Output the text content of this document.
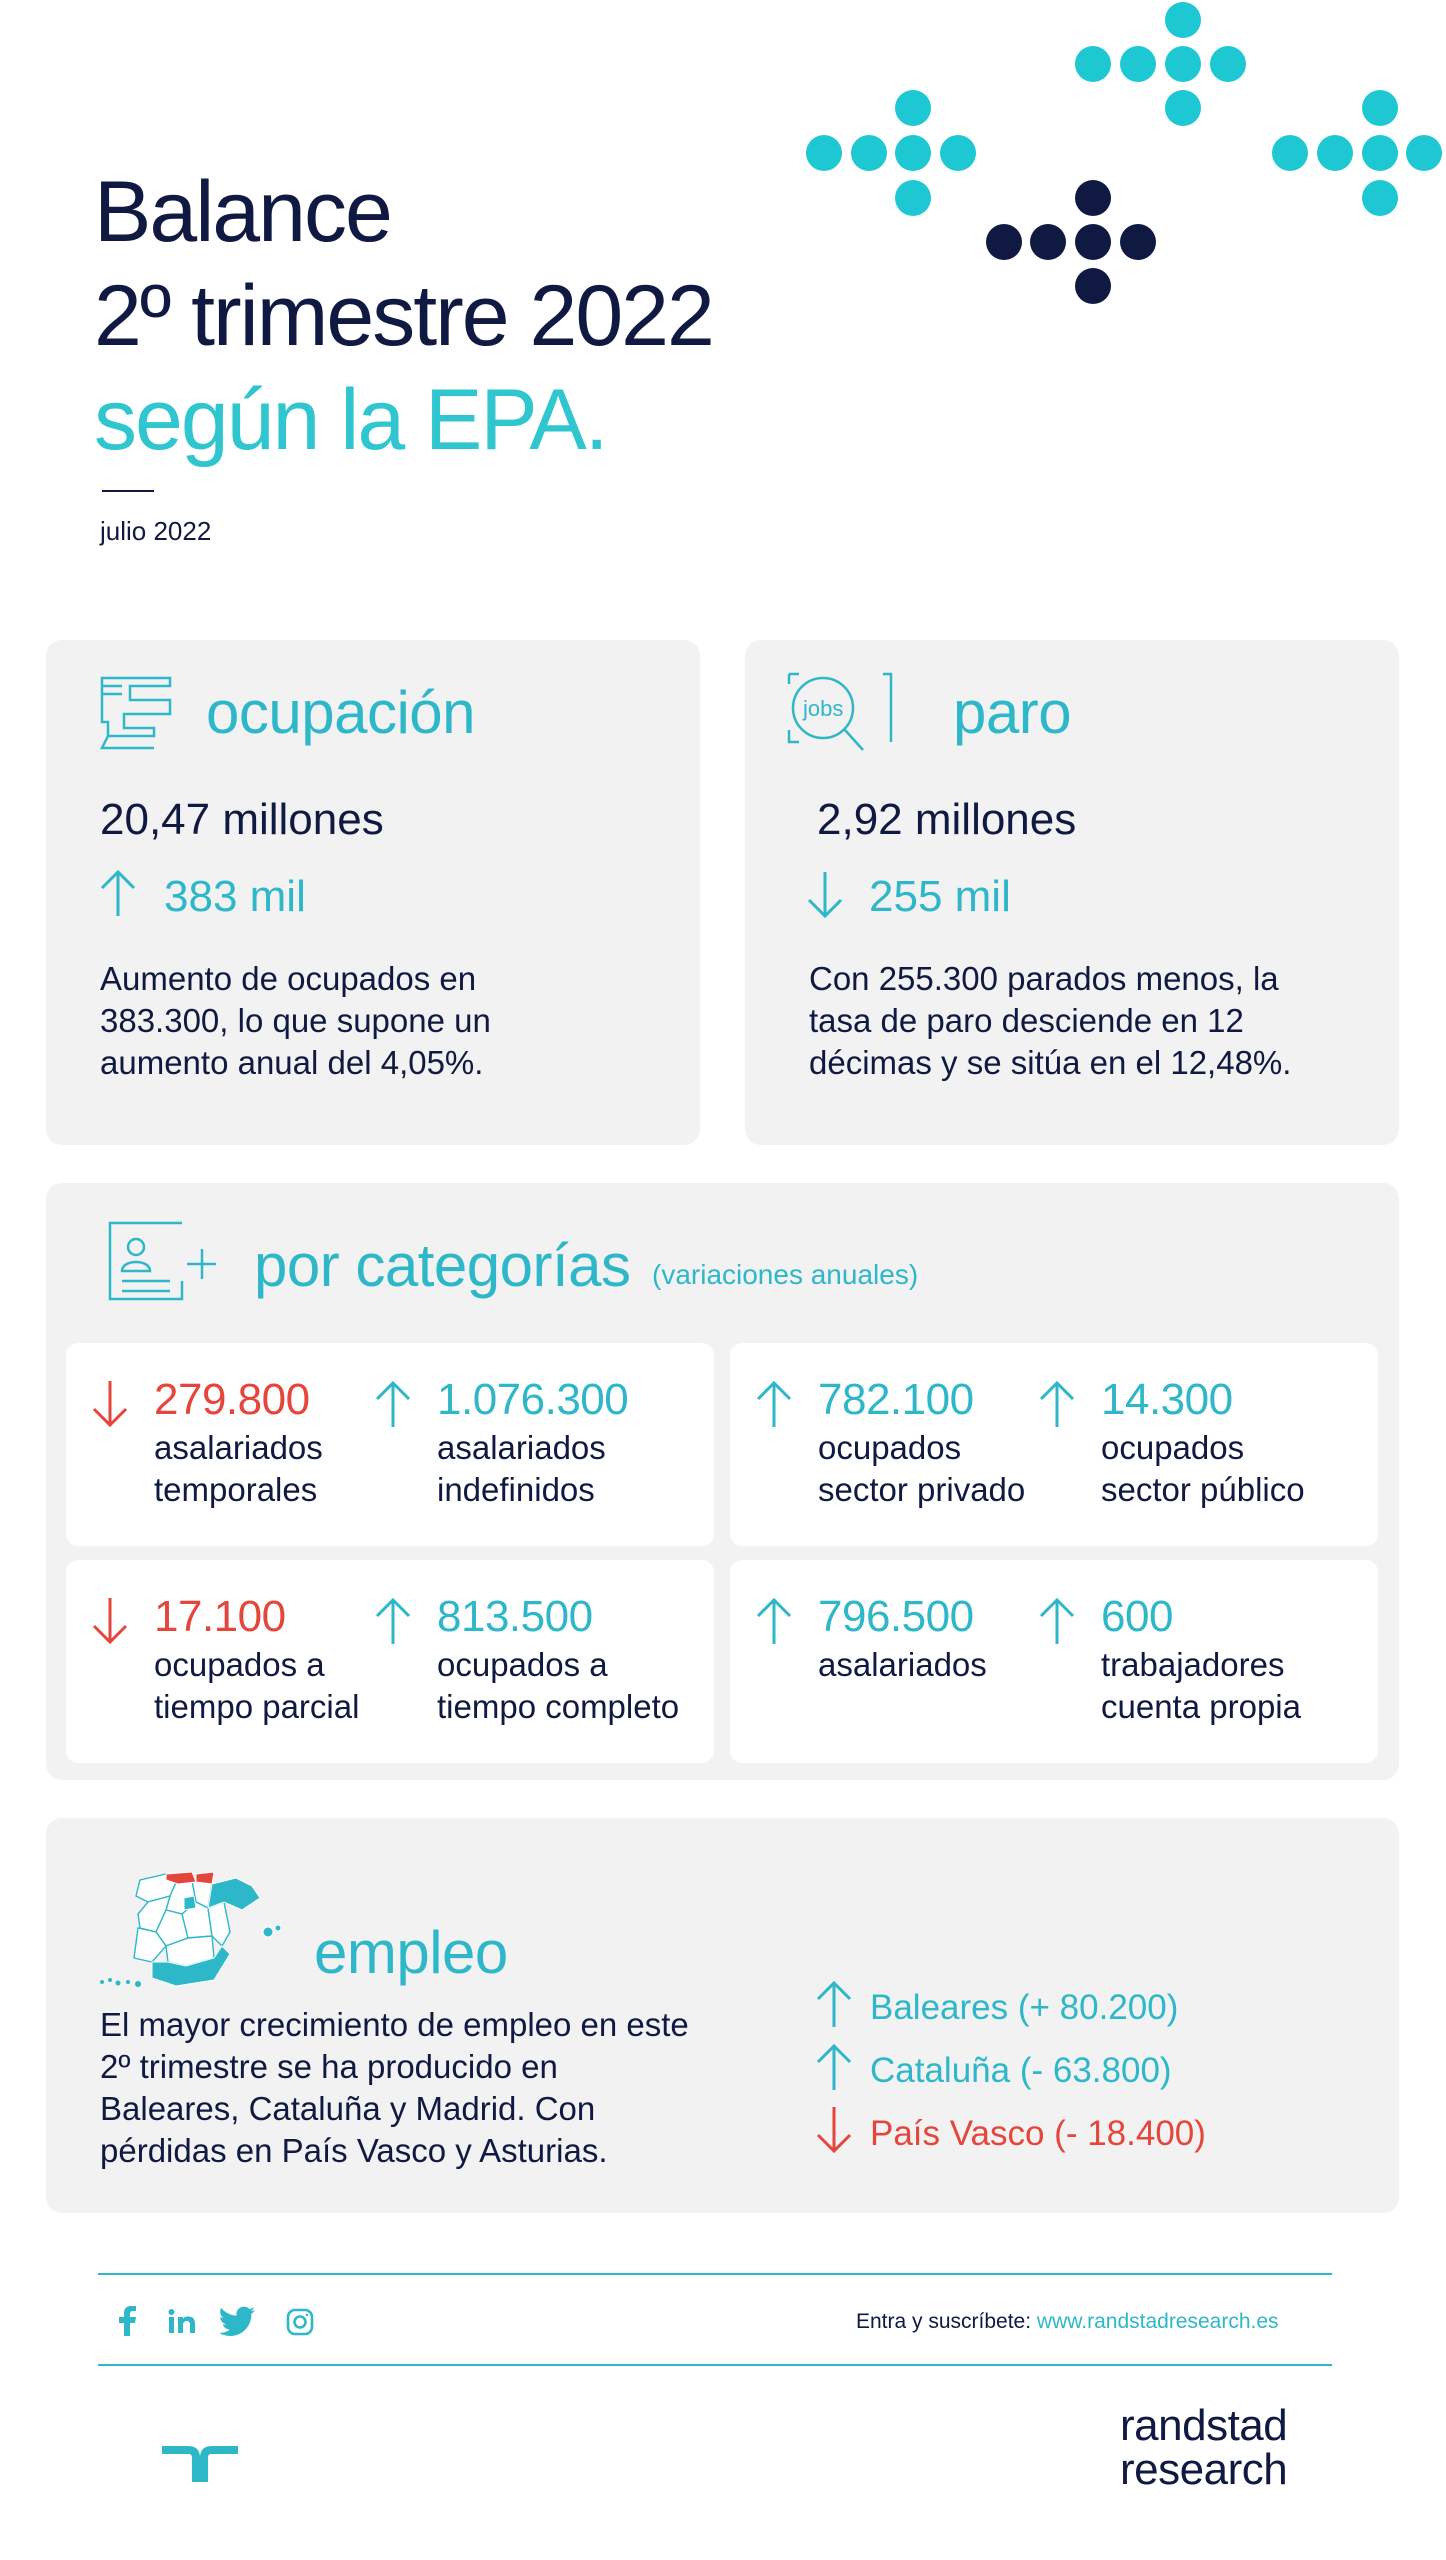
Balance
2º trimestre 2022
según la EPA.
julio 2022
ocupación
20,47 millones
383 mil
Aumento de ocupados en 383.300, lo que supone un aumento anual del 4,05%.
jobs paro
2,92 millones
255 mil
Con 255.300 parados menos, la tasa de paro desciende en 12 décimas y se sitúa en el 12,48%.
por categorías (variaciones anuales)
279.800
asalariados
temporales
1.076.300
asalariados
indefinidos
782.100
ocupados
sector privado
14.300
ocupados
sector público
17.100
ocupados a
tiempo parcial
813.500
ocupados a
tiempo completo
796.500
asalariados
600
trabajadores
cuenta propia
empleo
El mayor crecimiento de empleo en este 2º trimestre se ha producido en Baleares, Cataluña y Madrid. Con pérdidas en País Vasco y Asturias.
Baleares (+ 80.200)
Cataluña (- 63.800)
País Vasco (- 18.400)
Entra y suscríbete: www.randstadresearch.es
randstad
research
